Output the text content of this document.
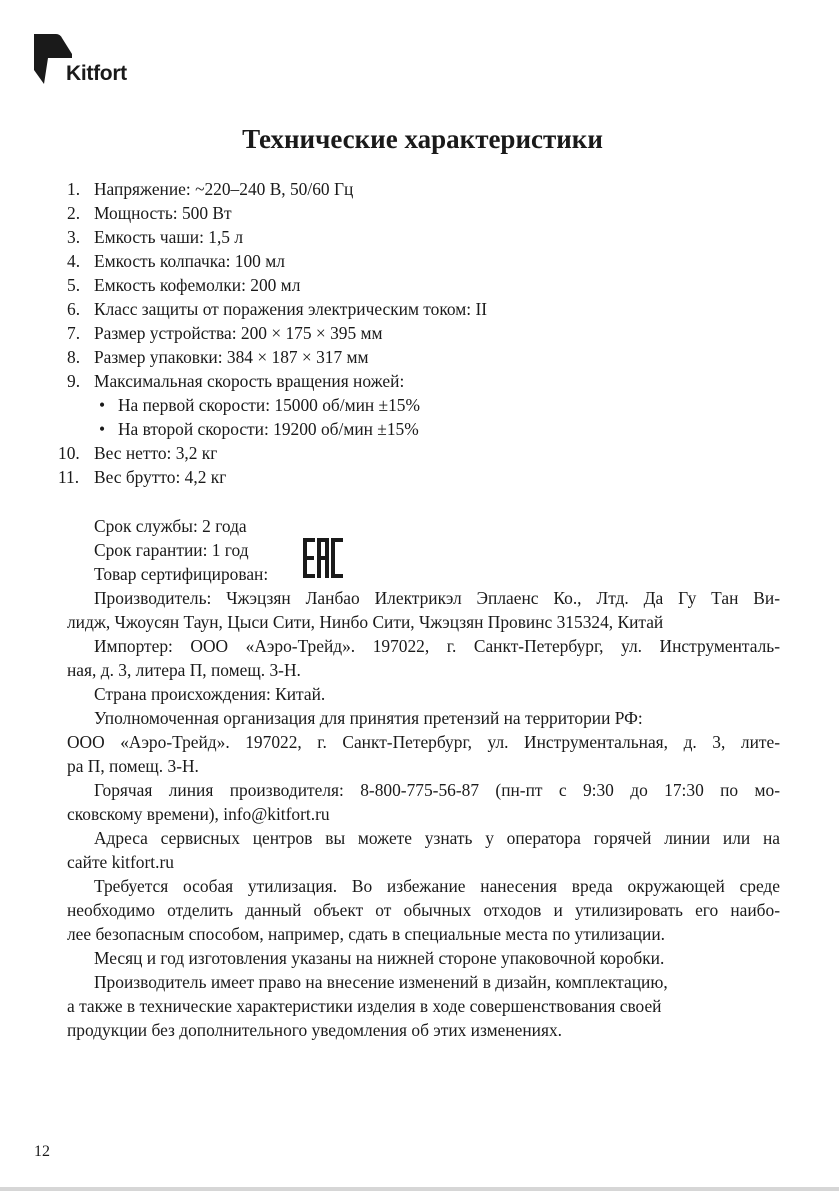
Kitfort
Технические характеристики
1. Напряжение: ~220–240 В, 50/60 Гц
2. Мощность: 500 Вт
3. Емкость чаши: 1,5 л
4. Емкость колпачка: 100 мл
5. Емкость кофемолки: 200 мл
6. Класс защиты от поражения электрическим током: II
7. Размер устройства: 200 × 175 × 395 мм
8. Размер упаковки: 384 × 187 × 317 мм
9. Максимальная скорость вращения ножей:
• На первой скорости: 15000 об/мин ±15%
• На второй скорости: 19200 об/мин ±15%
10. Вес нетто: 3,2 кг
11. Вес брутто: 4,2 кг
Срок службы: 2 года
Срок гарантии: 1 год
Товар сертифицирован:
Производитель: Чжэцзян Ланбао Илектрикэл Эплаенс Ко., Лтд. Да Гу Тан Ви-
лидж, Чжоусян Таун, Цыси Сити, Нинбо Сити, Чжэцзян Провинс 315324, Китай
Импортер: ООО «Аэро-Трейд». 197022, г. Санкт-Петербург, ул. Инструменталь-
ная, д. 3, литера П, помещ. 3-Н.
Страна происхождения: Китай.
Уполномоченная организация для принятия претензий на территории РФ:
ООО «Аэро-Трейд». 197022, г. Санкт-Петербург, ул. Инструментальная, д. 3, лите-
ра П, помещ. 3-Н.
Горячая линия производителя: 8-800-775-56-87 (пн-пт с 9:30 до 17:30 по мо-
сковскому времени), info@kitfort.ru
Адреса сервисных центров вы можете узнать у оператора горячей линии или на
сайте kitfort.ru
Требуется особая утилизация. Во избежание нанесения вреда окружающей среде
необходимо отделить данный объект от обычных отходов и утилизировать его наибо-
лее безопасным способом, например, сдать в специальные места по утилизации.
Месяц и год изготовления указаны на нижней стороне упаковочной коробки.
Производитель имеет право на внесение изменений в дизайн, комплектацию,
а также в технические характеристики изделия в ходе совершенствования своей
продукции без дополнительного уведомления об этих изменениях.
12
